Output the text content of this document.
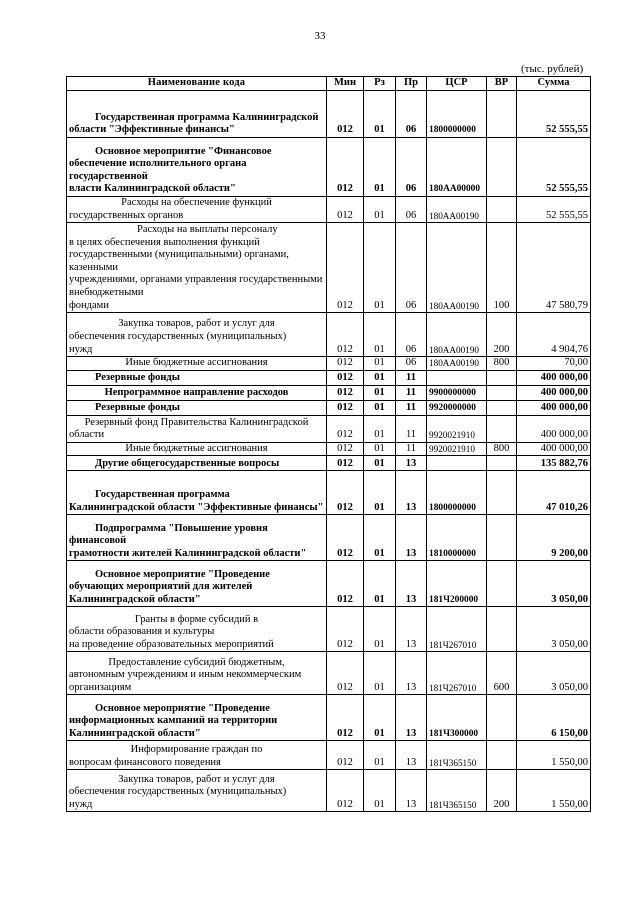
33
(тыс. рублей)
Наименование кода	Мин	Рз	Пр	ЦСР	ВР	Сумма

Государственная программа Калининградской области "Эффективные финансы"	012	01	06	1800000000		52 555,55

Основное мероприятие "Финансовое
обеспечение исполнительного органа государственной
власти Калининградской области"	012	01	06	180АА00000		52 555,55

Расходы на обеспечение функций
государственных органов	012	01	06	180АА00190		52 555,55

Расходы на выплаты персоналу
в целях обеспечения выполнения функций
государственными (муниципальными) органами, казенными
учреждениями, органами управления государственными внебюджетными
фондами	012	01	06	180АА00190	100	47 580,79

Закупка товаров, работ и услуг для
обеспечения государственных (муниципальных)
нужд	012	01	06	180АА00190	200	4 904,76

Иные бюджетные ассигнования	012	01	06	180АА00190	800	70,00

Резервные фонды	012	01	11			400 000,00

Непрограммное направление расходов	012	01	11	9900000000		400 000,00

Резервные фонды	012	01	11	9920000000		400 000,00

Резервный фонд Правительства Калининградской
области	012	01	11	9920021910		400 000,00

Иные бюджетные ассигнования	012	01	11	9920021910	800	400 000,00

Другие общегосударственные вопросы	012	01	13			135 882,76

Государственная программа
Калининградской области "Эффективные финансы"	012	01	13	1800000000		47 010,26

Подпрограмма "Повышение уровня финансовой
грамотности жителей Калининградской области"	012	01	13	1810000000		9 200,00

Основное мероприятие "Проведение
обучающих мероприятий для жителей
Калининградской области"	012	01	13	181Ч200000		3 050,00

Гранты в форме субсидий в
области образования и культуры
на проведение образовательных мероприятий	012	01	13	181Ч267010		3 050,00

Предоставление субсидий бюджетным,
автономным учреждениям и иным некоммерческим
организациям	012	01	13	181Ч267010	600	3 050,00

Основное мероприятие "Проведение
информационных кампаний на территории
Калининградской области"	012	01	13	181Ч300000		6 150,00

Информирование граждан по
вопросам финансового поведения	012	01	13	181Ч365150		1 550,00

Закупка товаров, работ и услуг для
обеспечения государственных (муниципальных)
нужд	012	01	13	181Ч365150	200	1 550,00
